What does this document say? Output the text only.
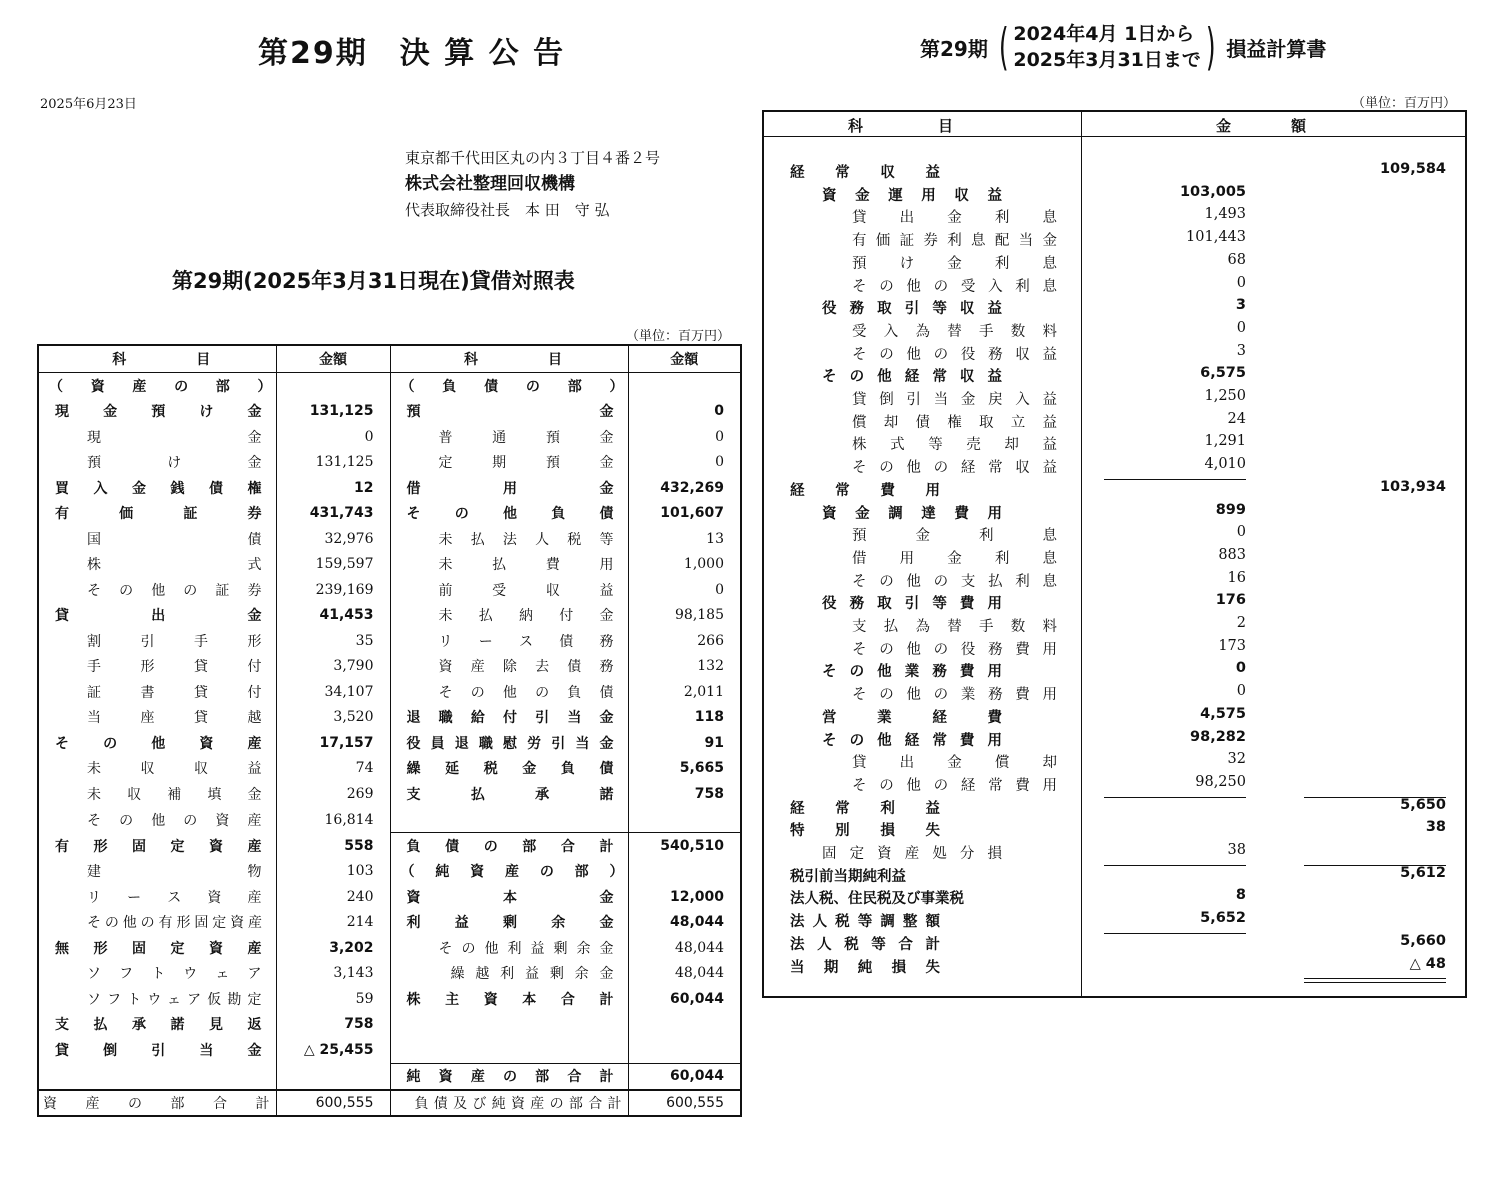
第29期　決 算 公 告
2025年6月23日
東京都千代田区丸の内３丁目４番２号
株式会社整理回収機構
代表取締役社長　本 田　守 弘
第29期(2025年3月31日現在)貸借対照表
（単位：百万円）
科　　　　　目	金額	科　　　　　目	金額

（　資　産　の　部　）		（　負　債　の　部　）	

現　金　預　け　金	131,125	預　　　　　　　　金	0

現　　　　　　金	0	普　通　預　金	0

預　　け　　金	131,125	定　期　預　金	0

買　入　金　銭　債　権	12	借　　　用　　　金	432,269

有　価　証　券	431,743	そ　の　他　負　債	101,607

国　　　　　　債	32,976	未 払 法 人 税 等	13

株　　　　　　式	159,597	未　払　費　用	1,000

そ の 他 の 証 券	239,169	前　受　収　益	0

貸　　　出　　　金	41,453	未 払 納 付 金	98,185

割　引　手　形	35	リ ー ス 債 務	266

手　形　貸　付	3,790	資 産 除 去 債 務	132

証　書　貸　付	34,107	そ の 他 の 負 債	2,011

当　座　貸　越	3,520	退 職 給 付 引 当 金	118

そ　の　他　資　産	17,157	役員退職慰労引当金	91

未　収　収　益	74	繰 延 税 金 負 債	5,665

未 収 補 填 金	269	支　　払　　承　　諾	758

そ の 他 の 資 産	16,814	

有 形 固 定 資 産	558	負 債 の 部 合 計	540,510

建　　　　　　物	103	（ 純 資 産 の 部 ）	

リ ー ス 資 産	240	資　　　本　　　金	12,000

その他の有形固定資産	214	利　益　剰　余　金	48,044

無 形 固 定 資 産	3,202	その他利益剰余金	48,044

ソ フ ト ウ ェ ア	3,143	繰越利益剰余金	48,044

ソフトウェア仮勘定	59	株 主 資 本 合 計	60,044

支 払 承 諾 見 返	758	

貸　倒　引　当　金	△ 25,455	

		純 資 産 の 部 合 計	60,044

資　産　の　部　合　計	600,555	負債及び純資産の部合計	600,555
第29期 ( 2024年4月 1日から
2025年3月31日まで ) 損益計算書
（単位：百万円）
科　　　　　目	金　　　　額
経　常　収　益	109,584
資 金 運 用 収 益	103,005
貸　出　金　利　息	1,493
有価証券利息配当金	101,443
預　け　金　利　息	68
その他の受入利息	0
役 務 取 引 等 収 益	3
受入為替手数料	0
その他の役務収益	3
そ の 他 経 常 収 益	6,575
貸倒引当金戻入益	1,250
償却債権取立益	24
株式等売却益	1,291
その他の経常収益	4,010
経　常　費　用	103,934
資 金 調 達 費 用	899
預　　金　　利　　息	0
借　用　金　利　息	883
その他の支払利息	16
役 務 取 引 等 費 用	176
支払為替手数料	2
その他の役務費用	173
そ の 他 業 務 費 用	0
その他の業務費用	0
営　業　経　費	4,575
そ の 他 経 常 費 用	98,282
貸　出　金　償　却	32
その他の経常費用	98,250
経　常　利　益	5,650
特　別　損　失	38
固定資産処分損	38
税引前当期純利益	5,612
法人税、住民税及び事業税	8
法 人 税 等 調 整 額	5,652
法 人 税 等 合 計	5,660
当　期　純　損　失	△ 48
